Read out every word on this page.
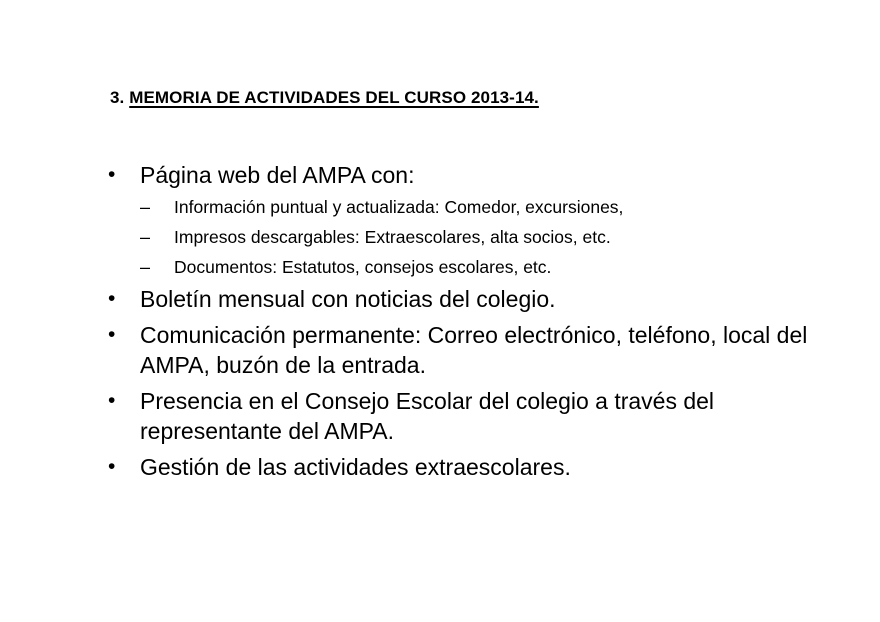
3. MEMORIA DE ACTIVIDADES DEL CURSO 2013-14.
• Página web del AMPA con:
– Información puntual y actualizada: Comedor, excursiones,
– Impresos descargables: Extraescolares, alta socios, etc.
– Documentos: Estatutos, consejos escolares, etc.
• Boletín mensual con noticias del colegio.
• Comunicación permanente: Correo electrónico, teléfono, local del AMPA, buzón de la entrada.
• Presencia en el Consejo Escolar del colegio a través del representante del AMPA.
• Gestión de las actividades extraescolares.
